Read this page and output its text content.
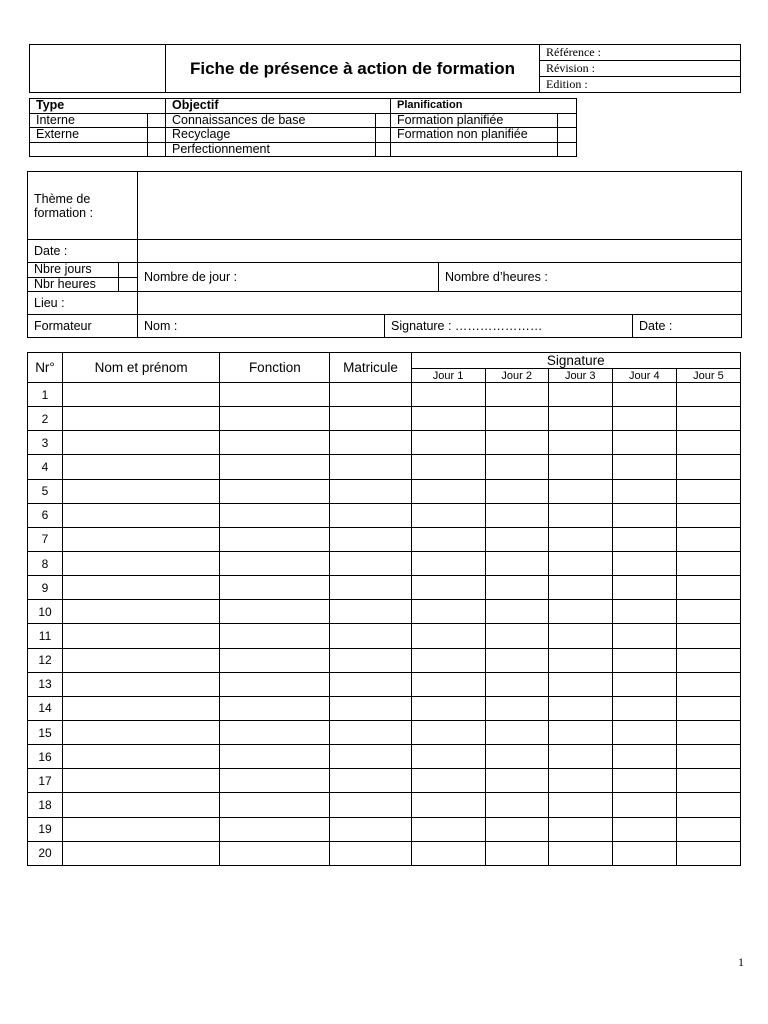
	Fiche de présence à action de formation	Référence :
Révision :
Edition :
Type		Objectif		Planification	
Interne		Connaissances de base		Formation planifiée	
Externe		Recyclage		Formation non planifiée	
		Perfectionnement			
Thème de
formation :					

Date :					
Nbre jours		Nombre de jour :		Nombre d’heures :	
Nbr heures					
Lieu :					
Formateur		Nom :	Signature : …………………		Date :
Nr°	Nom et prénom	Fonction	Matricule	Signature				
				Jour 1	Jour 2	Jour 3	Jour 4	Jour 5
1								
2								
3								
4								
5								
6								
7								
8								
9								
10								
11								
12								
13								
14								
15								
16								
17								
18								
19								
20								
1
